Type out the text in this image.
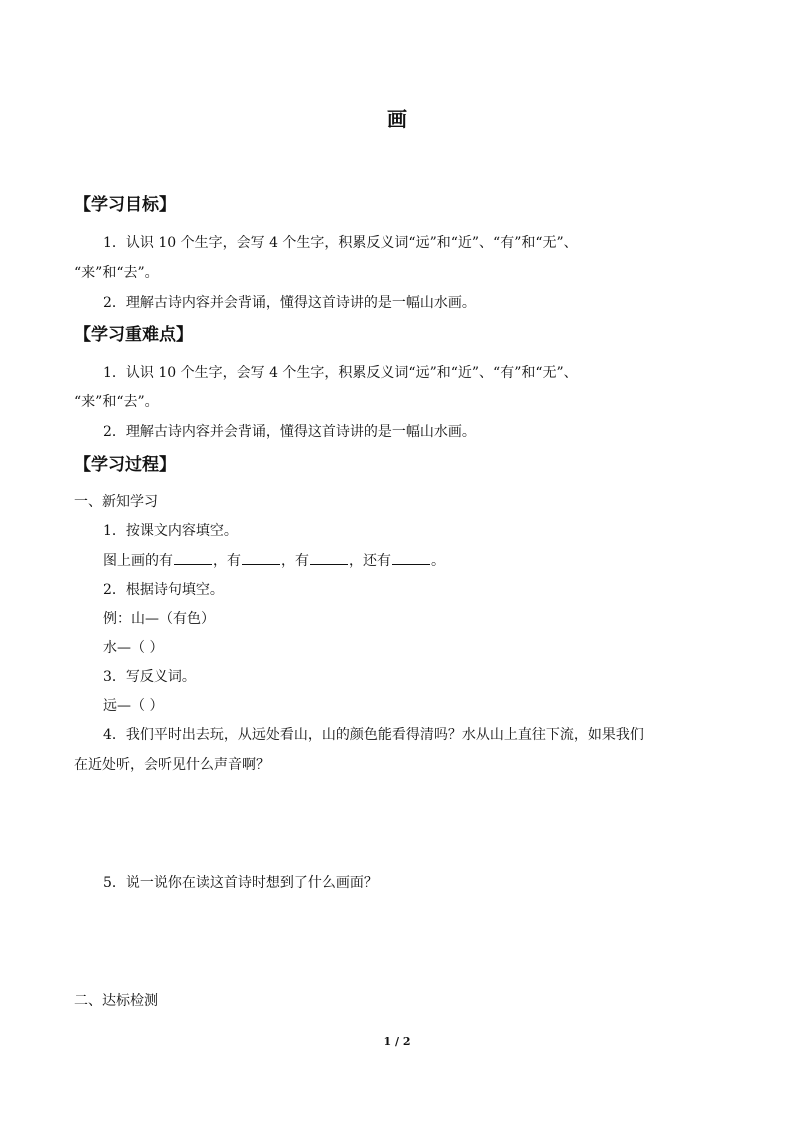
画
【学习目标】
1．认识 10 个生字，会写 4 个生字，积累反义词“远”和“近”、“有”和“无”、
“来”和“去”。
2．理解古诗内容并会背诵，懂得这首诗讲的是一幅山水画。
【学习重难点】
1．认识 10 个生字，会写 4 个生字，积累反义词“远”和“近”、“有”和“无”、
“来”和“去”。
2．理解古诗内容并会背诵，懂得这首诗讲的是一幅山水画。
【学习过程】
一、新知学习
1．按课文内容填空。
图上画的有	，有	，有	，还有	。
2．根据诗句填空。
例：山—（有色）
水—（ ）
3．写反义词。
远—（ ）
4．我们平时出去玩，从远处看山，山的颜色能看得清吗？水从山上直往下流，如果我们
在近处听，会听见什么声音啊？
5．说一说你在读这首诗时想到了什么画面？
二、达标检测
1 / 2
